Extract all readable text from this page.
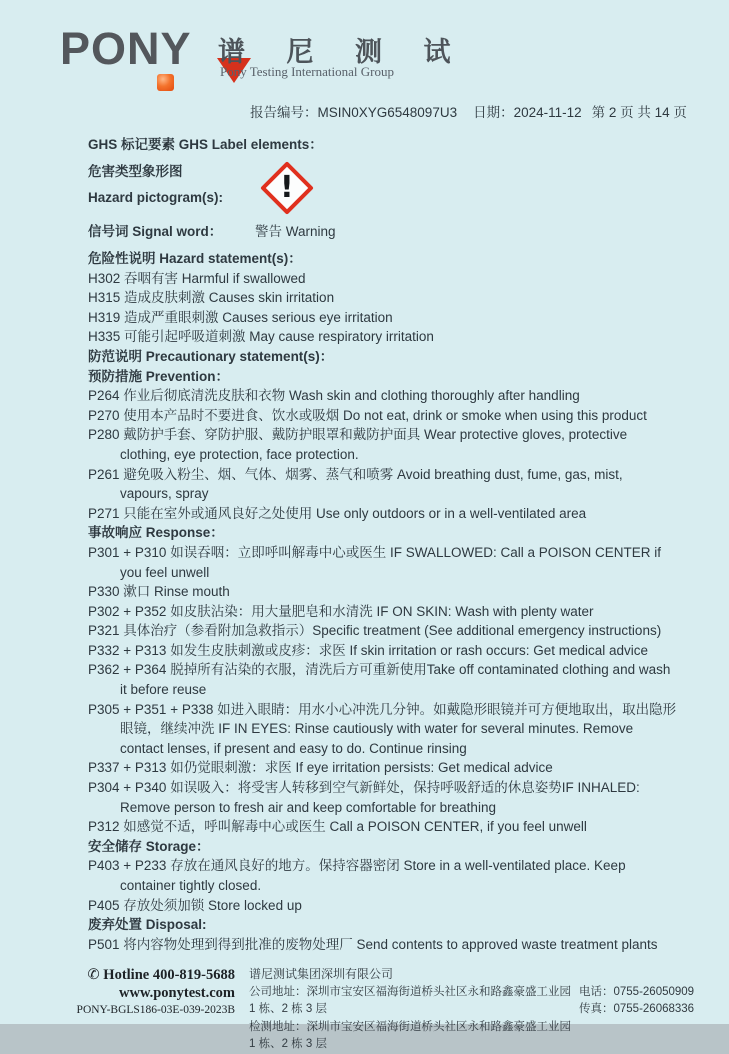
PONY 谱 尼 测 试
Pony Testing International Group
报告编号：MSIN0XYG6548097U3 日期：2024-11-12 第 2 页 共 14 页
GHS 标记要素 GHS Label elements：
危害类型象形图
Hazard pictogram(s):	!
信号词 Signal word： 警告 Warning

危险性说明 Hazard statement(s)：

H302 吞咽有害 Harmful if swallowed

H315 造成皮肤刺激 Causes skin irritation

H319 造成严重眼刺激 Causes serious eye irritation

H335 可能引起呼吸道刺激 May cause respiratory irritation

防范说明 Precautionary statement(s)：

预防措施 Prevention：

P264 作业后彻底清洗皮肤和衣物 Wash skin and clothing thoroughly after handling

P270 使用本产品时不要进食、饮水或吸烟 Do not eat, drink or smoke when using this product

P280 戴防护手套、穿防护服、戴防护眼罩和戴防护面具 Wear protective gloves, protective clothing, eye protection, face protection.

P261 避免吸入粉尘、烟、气体、烟雾、蒸气和喷雾 Avoid breathing dust, fume, gas, mist, vapours, spray

P271 只能在室外或通风良好之处使用 Use only outdoors or in a well-ventilated area

事故响应 Response：

P301 + P310 如误吞咽：立即呼叫解毒中心或医生 IF SWALLOWED: Call a POISON CENTER if you feel unwell

P330 漱口 Rinse mouth

P302 + P352 如皮肤沾染：用大量肥皂和水清洗 IF ON SKIN: Wash with plenty water

P321 具体治疗（参看附加急救指示）Specific treatment (See additional emergency instructions)

P332 + P313 如发生皮肤刺激或皮疹：求医 If skin irritation or rash occurs: Get medical advice

P362 + P364 脱掉所有沾染的衣服，清洗后方可重新使用Take off contaminated clothing and wash it before reuse

P305 + P351 + P338 如进入眼睛：用水小心冲洗几分钟。如戴隐形眼镜并可方便地取出，取出隐形眼镜，继续冲洗 IF IN EYES: Rinse cautiously with water for several minutes. Remove contact lenses, if present and easy to do. Continue rinsing

P337 + P313 如仍觉眼刺激：求医 If eye irritation persists: Get medical advice

P304 + P340 如误吸入：将受害人转移到空气新鲜处，保持呼吸舒适的休息姿势IF INHALED: Remove person to fresh air and keep comfortable for breathing

P312 如感觉不适，呼叫解毒中心或医生 Call a POISON CENTER, if you feel unwell

安全储存 Storage：

P403 + P233 存放在通风良好的地方。保持容器密闭 Store in a well-ventilated place. Keep container tightly closed.

P405 存放处须加锁 Store locked up

废弃处置 Disposal:

P501 将内容物处理到得到批准的废物处理厂 Send contents to approved waste treatment plants

✆ Hotline 400-819-5688
www.ponytest.com
PONY-BGLS186-03E-039-2023B
谱尼测试集团深圳有限公司
公司地址：深圳市宝安区福海街道桥头社区永和路鑫豪盛工业园 1 栋、2 栋 3 层
检测地址：深圳市宝安区福海街道桥头社区永和路鑫豪盛工业园 1 栋、2 栋 3 层
电话：0755-26050909
传真：0755-26068336
